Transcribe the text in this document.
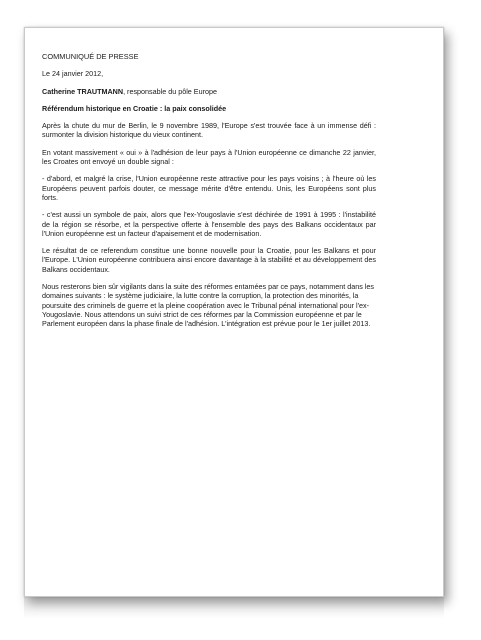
COMMUNIQUÉ DE PRESSE

Le 24 janvier 2012,

Catherine TRAUTMANN, responsable du pôle Europe

Référendum historique en Croatie : la paix consolidée

Après la chute du mur de Berlin, le 9 novembre 1989, l'Europe s'est trouvée face à un immense défi : surmonter la division historique du vieux continent.

En votant massivement « oui » à l'adhésion de leur pays à l'Union européenne ce dimanche 22 janvier, les Croates ont envoyé un double signal :

- d'abord, et malgré la crise, l'Union européenne reste attractive pour les pays voisins ; à l'heure où les Européens peuvent parfois douter, ce message mérite d'être entendu. Unis, les Européens sont plus forts.

- c'est aussi un symbole de paix, alors que l'ex-Yougoslavie s'est déchirée de 1991 à 1995 : l'instabilité de la région se résorbe, et la perspective offerte à l'ensemble des pays des Balkans occidentaux par l'Union européenne est un facteur d'apaisement et de modernisation.

Le résultat de ce referendum constitue une bonne nouvelle pour la Croatie, pour les Balkans et pour l'Europe. L'Union européenne contribuera ainsi encore davantage à la stabilité et au développement des Balkans occidentaux.

Nous resterons bien sûr vigilants dans la suite des réformes entamées par ce pays, notamment dans les domaines suivants : le système judiciaire, la lutte contre la corruption, la protection des minorités, la poursuite des criminels de guerre et la pleine coopération avec le Tribunal pénal international pour l'ex-Yougoslavie. Nous attendons un suivi strict de ces réformes par la Commission européenne et par le Parlement européen dans la phase finale de l'adhésion. L'intégration est prévue pour le 1er juillet 2013.
